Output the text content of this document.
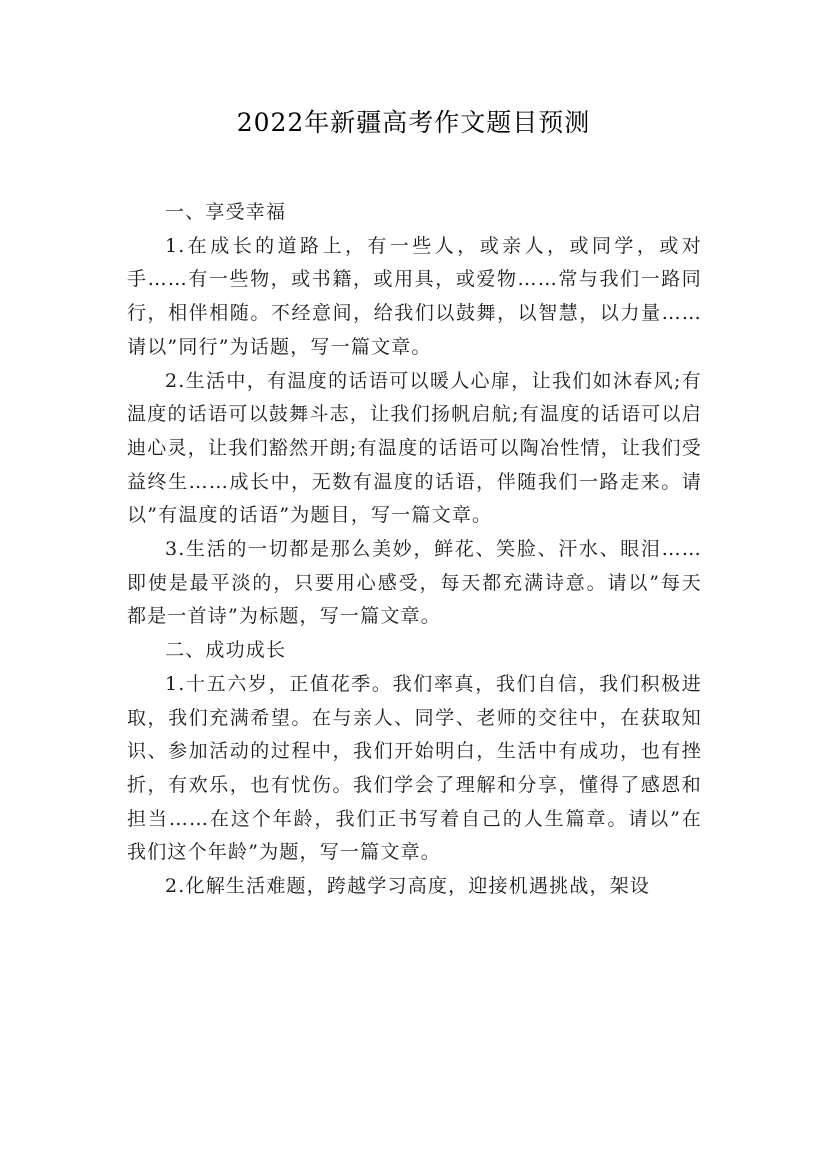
2022年新疆高考作文题目预测

一、享受幸福

1.在成长的道路上，有一些人，或亲人，或同学，或对手……有一些物，或书籍，或用具，或爱物……常与我们一路同行，相伴相随。不经意间，给我们以鼓舞，以智慧，以力量……请以”同行”为话题，写一篇文章。

2.生活中，有温度的话语可以暖人心扉，让我们如沐春风;有温度的话语可以鼓舞斗志，让我们扬帆启航;有温度的话语可以启迪心灵，让我们豁然开朗;有温度的话语可以陶冶性情，让我们受益终生……成长中，无数有温度的话语，伴随我们一路走来。请以”有温度的话语”为题目，写一篇文章。

3.生活的一切都是那么美妙，鲜花、笑脸、汗水、眼泪……即使是最平淡的，只要用心感受，每天都充满诗意。请以”每天都是一首诗”为标题，写一篇文章。

二、成功成长

1.十五六岁，正值花季。我们率真，我们自信，我们积极进取，我们充满希望。在与亲人、同学、老师的交往中，在获取知识、参加活动的过程中，我们开始明白，生活中有成功，也有挫折，有欢乐，也有忧伤。我们学会了理解和分享，懂得了感恩和担当……在这个年龄，我们正书写着自己的人生篇章。请以”在我们这个年龄”为题，写一篇文章。

2.化解生活难题，跨越学习高度，迎接机遇挑战，架设
